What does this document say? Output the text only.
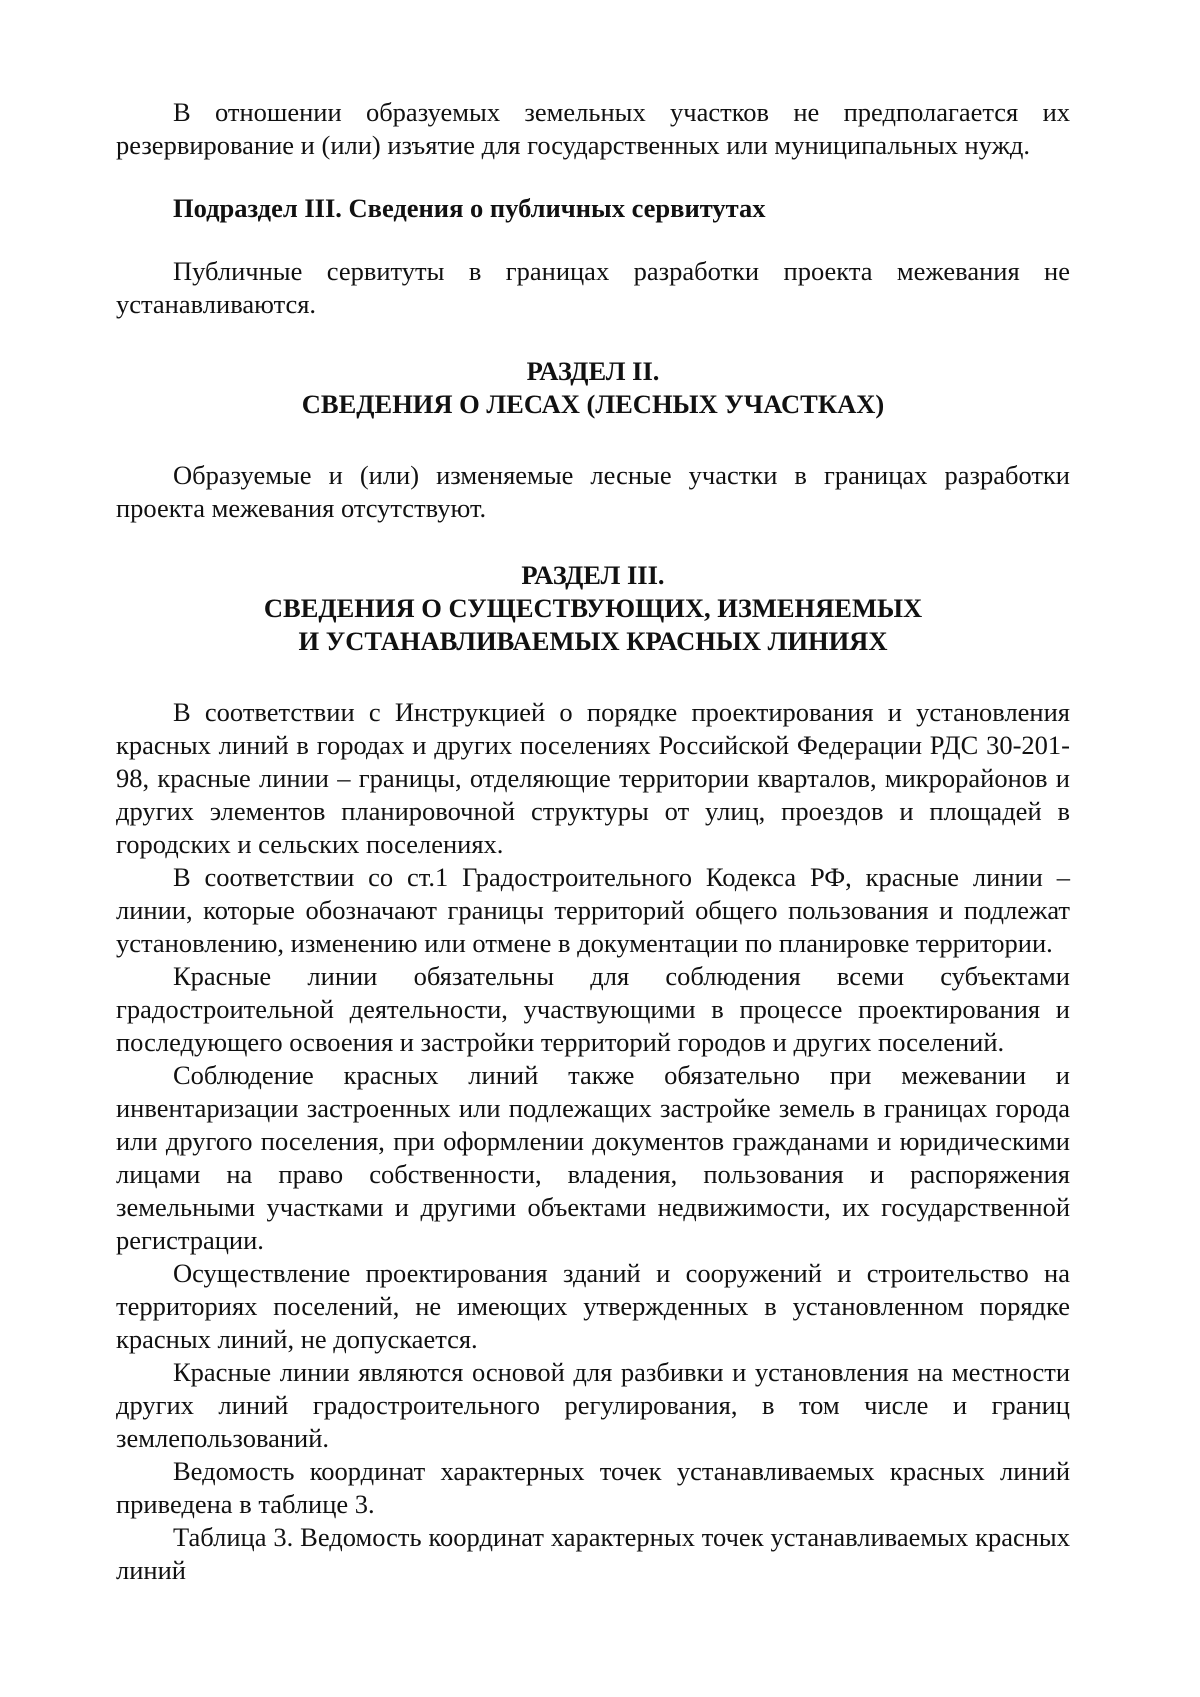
В отношении образуемых земельных участков не предполагается их резервирование и (или) изъятие для государственных или муниципальных нужд.

Подраздел III. Сведения о публичных сервитутах

Публичные сервитуты в границах разработки проекта межевания не устанавливаются.

РАЗДЕЛ II.
СВЕДЕНИЯ О ЛЕСАХ (ЛЕСНЫХ УЧАСТКАХ)

Образуемые и (или) изменяемые лесные участки в границах разработки проекта межевания отсутствуют.

РАЗДЕЛ III.
СВЕДЕНИЯ О СУЩЕСТВУЮЩИХ, ИЗМЕНЯЕМЫХ
И УСТАНАВЛИВАЕМЫХ КРАСНЫХ ЛИНИЯХ

В соответствии с Инструкцией о порядке проектирования и установления красных линий в городах и других поселениях Российской Федерации РДС 30-201-98, красные линии – границы, отделяющие территории кварталов, микрорайонов и других элементов планировочной структуры от улиц, проездов и площадей в городских и сельских поселениях.

В соответствии со ст.1 Градостроительного Кодекса РФ, красные линии – линии, которые обозначают границы территорий общего пользования и подлежат установлению, изменению или отмене в документации по планировке территории.

Красные линии обязательны для соблюдения всеми субъектами градостроительной деятельности, участвующими в процессе проектирования и последующего освоения и застройки территорий городов и других поселений.

Соблюдение красных линий также обязательно при межевании и инвентаризации застроенных или подлежащих застройке земель в границах города или другого поселения, при оформлении документов гражданами и юридическими лицами на право собственности, владения, пользования и распоряжения земельными участками и другими объектами недвижимости, их государственной регистрации.

Осуществление проектирования зданий и сооружений и строительство на территориях поселений, не имеющих утвержденных в установленном порядке красных линий, не допускается.

Красные линии являются основой для разбивки и установления на местности других линий градостроительного регулирования, в том числе и границ землепользований.

Ведомость координат характерных точек устанавливаемых красных линий приведена в таблице 3.

Таблица 3. Ведомость координат характерных точек устанавливаемых красных линий
